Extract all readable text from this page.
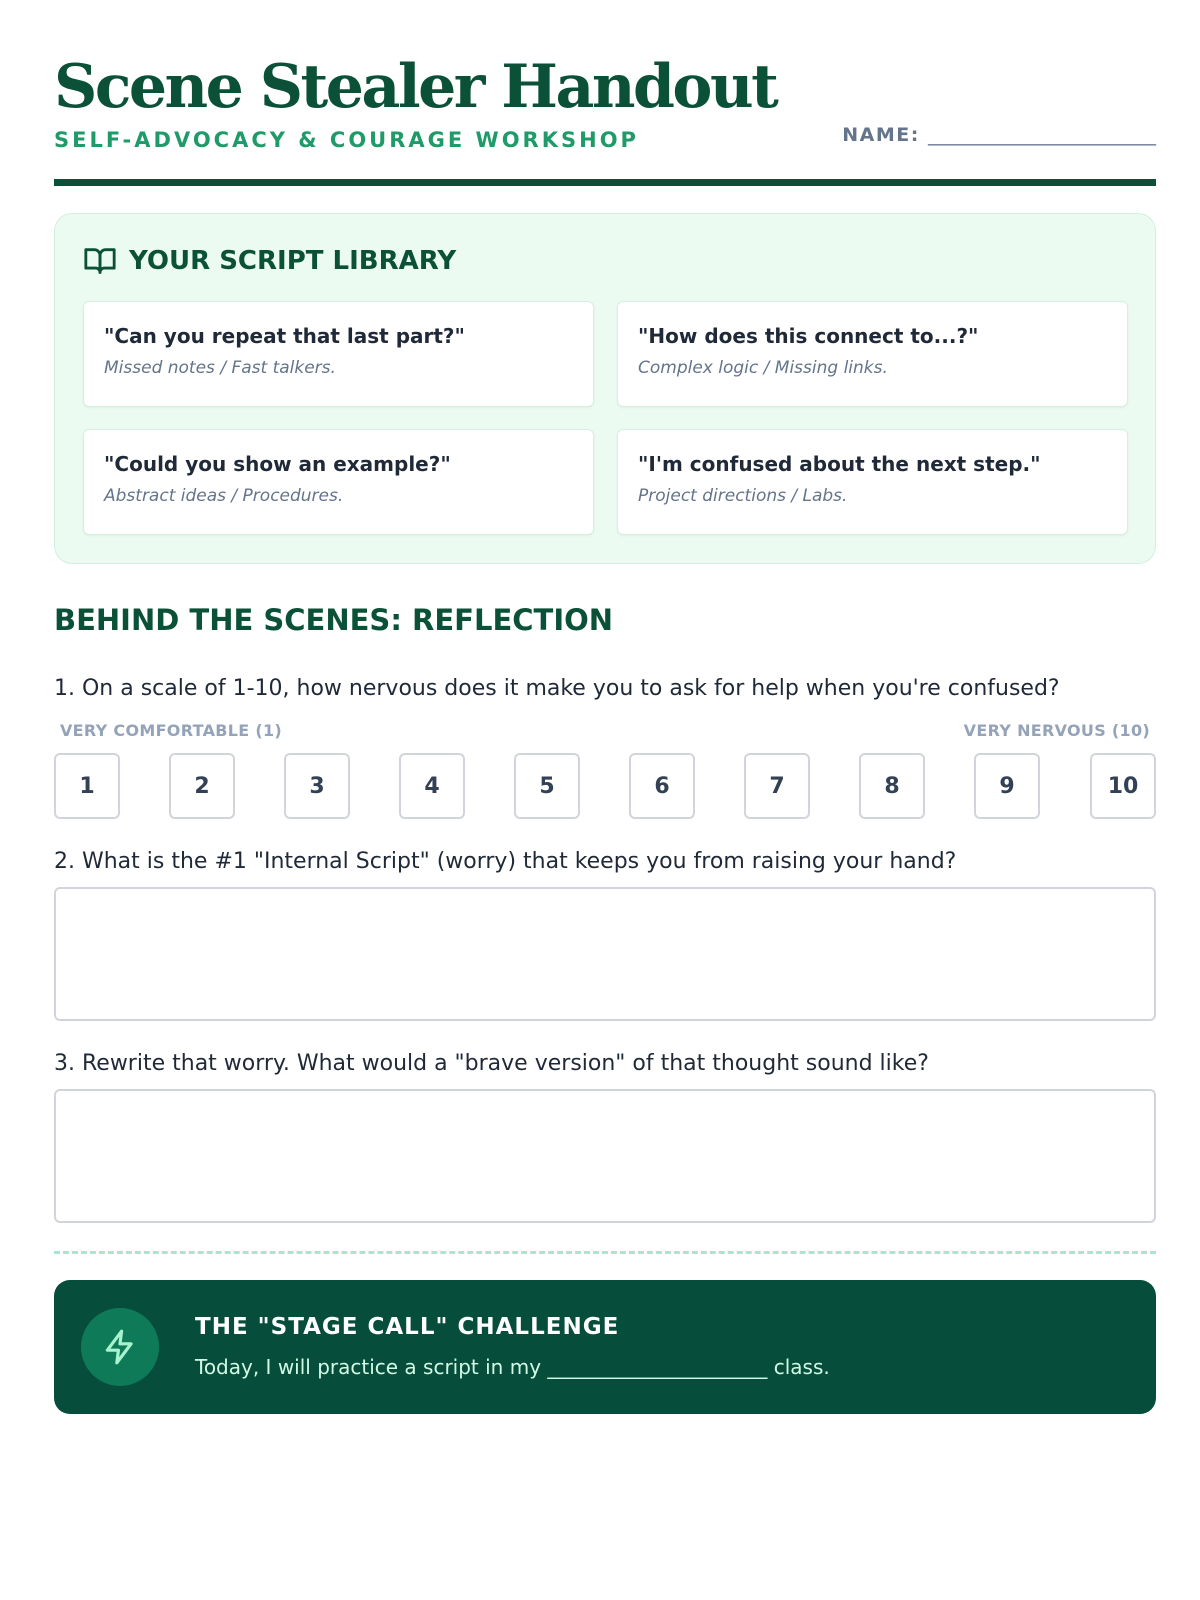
Scene Stealer Handout
SELF-ADVOCACY & COURAGE WORKSHOP	NAME: ________________________
YOUR SCRIPT LIBRARY
"Can you repeat that last part?"
Missed notes / Fast talkers.
"How does this connect to...?"
Complex logic / Missing links.
"Could you show an example?"
Abstract ideas / Procedures.
"I'm confused about the next step."
Project directions / Labs.
BEHIND THE SCENES: REFLECTION
1. On a scale of 1-10, how nervous does it make you to ask for help when you're confused?
VERY COMFORTABLE (1)	VERY NERVOUS (10)
1	2	3	4	5	6	7	8	9	10
2. What is the #1 "Internal Script" (worry) that keeps you from raising your hand?
3. Rewrite that worry. What would a "brave version" of that thought sound like?
THE "STAGE CALL" CHALLENGE
Today, I will practice a script in my ______________________ class.
